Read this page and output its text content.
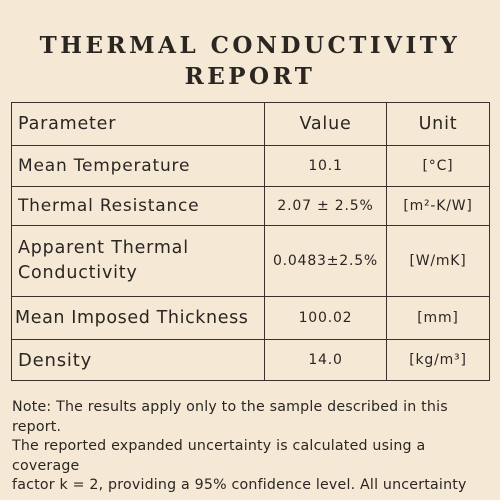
THERMAL CONDUCTIVITY
REPORT
Parameter	Value	Unit
Mean Temperature	10.1	[°C]
Thermal Resistance	2.07 ± 2.5%	[m²-K/W]
Apparent Thermal Conductivity	0.0483±2.5%	[W/mK]
Mean Imposed Thickness	100.02	[mm]
Density	14.0	[kg/m³]
Note: The results apply only to the sample described in this report.
The reported expanded uncertainty is calculated using a coverage
factor k = 2, providing a 95% confidence level. All uncertainty
